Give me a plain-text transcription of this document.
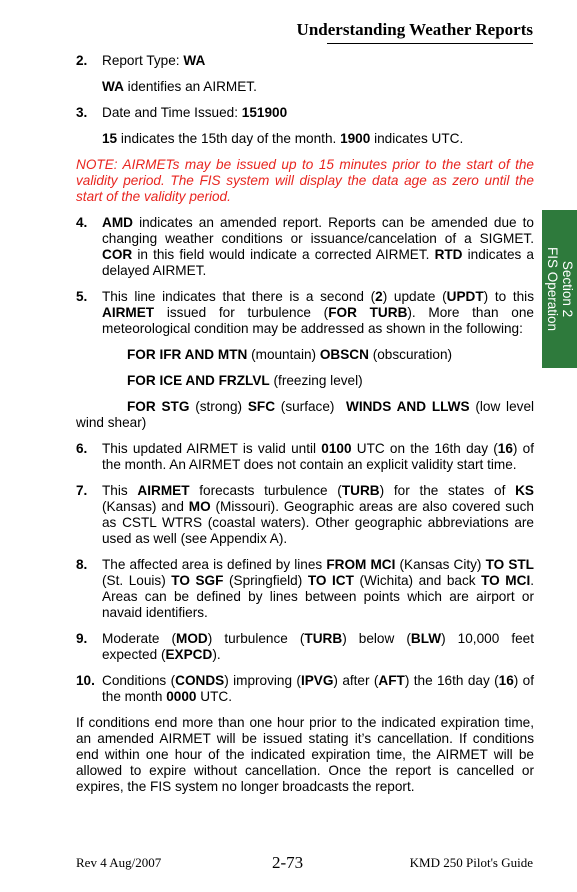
Understanding Weather Reports
Section 2
FIS Operation
2. Report Type: WA

WA identifies an AIRMET.

3. Date and Time Issued: 151900

15 indicates the 15th day of the month. 1900 indicates UTC.

NOTE: AIRMETs may be issued up to 15 minutes prior to the start of the validity period. The FIS system will display the data age as zero until the start of the validity period.

4. AMD indicates an amended report. Reports can be amended due to changing weather conditions or issuance/cancelation of a SIGMET. COR in this field would indicate a corrected AIRMET. RTD indicates a delayed AIRMET.

5. This line indicates that there is a second (2) update (UPDT) to this AIRMET issued for turbulence (FOR TURB). More than one meteorological condition may be addressed as shown in the following:

FOR IFR AND MTN (mountain) OBSCN (obscuration)

FOR ICE AND FRZLVL (freezing level)

FOR STG (strong) SFC (surface)  WINDS AND LLWS (low level        wind shear)

6. This updated AIRMET is valid until 0100 UTC on the 16th day (16) of the month. An AIRMET does not contain an explicit validity start time.

7. This AIRMET forecasts turbulence (TURB) for the states of KS (Kansas) and MO (Missouri). Geographic areas are also covered such as CSTL WTRS (coastal waters). Other geographic abbreviations are used as well (see Appendix A).

8. The affected area is defined by lines FROM MCI (Kansas City) TO STL (St. Louis) TO SGF (Springfield) TO ICT (Wichita) and back TO MCI. Areas can be defined by lines between points which are airport or navaid identifiers.

9. Moderate (MOD) turbulence (TURB) below (BLW) 10,000 feet expected (EXPCD).

10. Conditions (CONDS) improving (IPVG) after (AFT) the 16th day (16) of the month 0000 UTC.

If conditions end more than one hour prior to the indicated expiration time, an amended AIRMET will be issued stating it’s cancellation. If conditions end within one hour of the indicated expiration time, the AIRMET will be allowed to expire without cancellation. Once the report is cancelled or expires, the FIS system no longer broadcasts the report.

Rev 4 Aug/2007	2-73	KMD 250 Pilot's Guide
